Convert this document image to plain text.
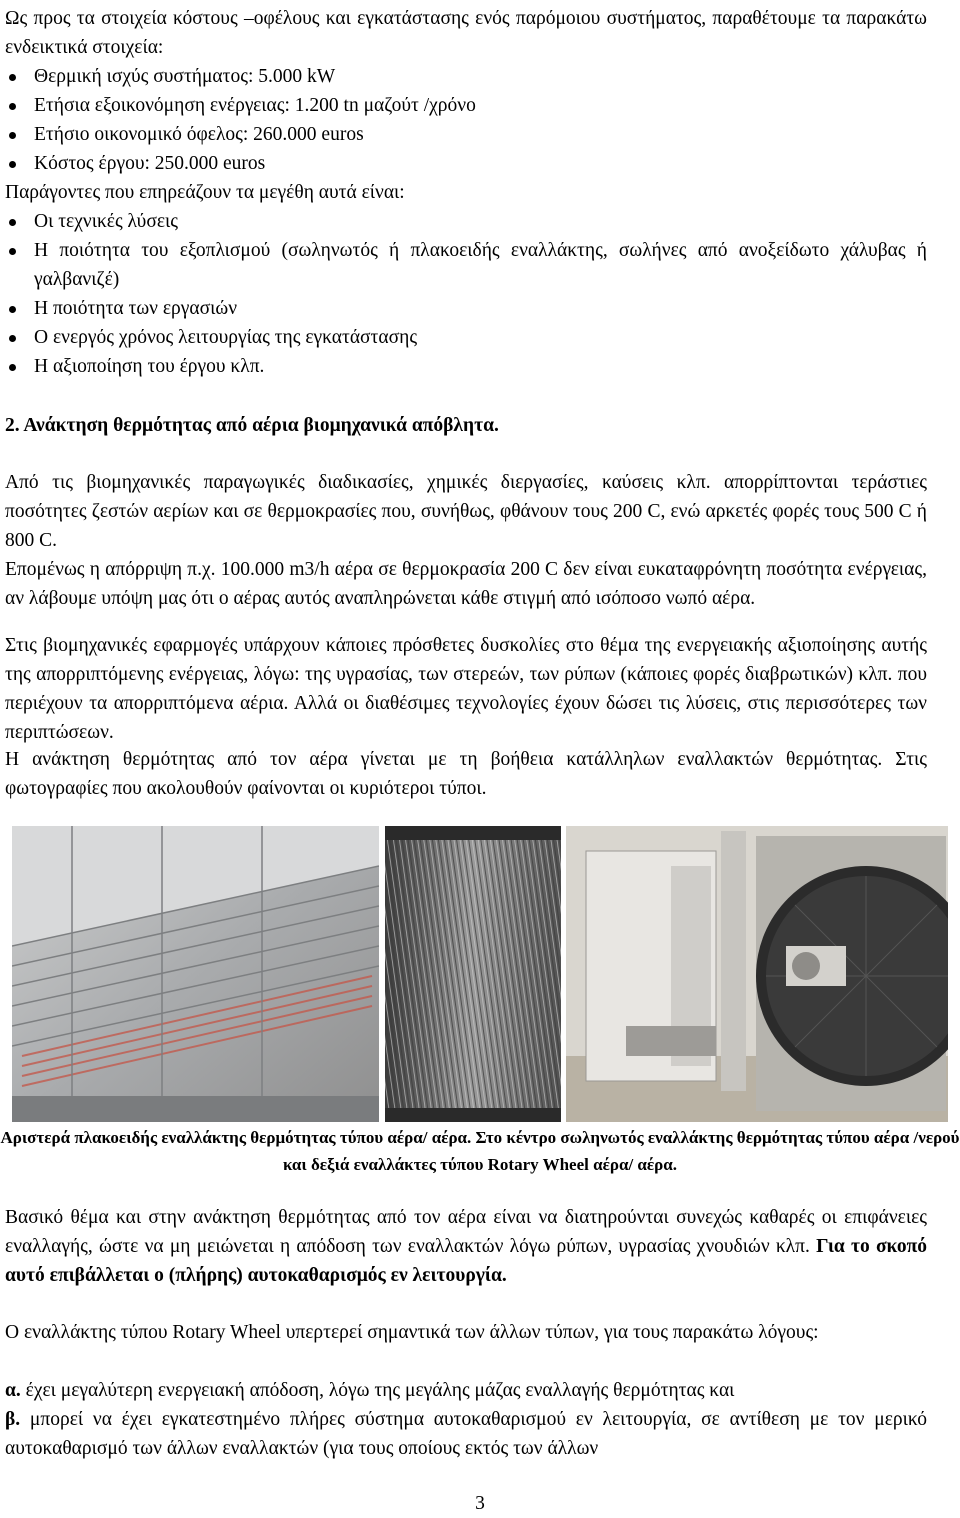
Ως προς τα στοιχεία κόστους –οφέλους και εγκατάστασης ενός παρόμοιου συστήματος, παραθέτουμε τα παρακάτω ενδεικτικά στοιχεία:

Θερμική ισχύς συστήματος: 5.000 kW
Ετήσια εξοικονόμηση ενέργειας: 1.200 tn μαζούτ /χρόνο
Ετήσιο οικονομικό όφελος: 260.000 euros
Κόστος έργου: 250.000 euros

Παράγοντες που επηρεάζουν τα μεγέθη αυτά είναι:

Οι τεχνικές λύσεις
Η ποιότητα του εξοπλισμού (σωληνωτός ή πλακοειδής εναλλάκτης, σωλήνες από ανοξείδωτο χάλυβας ή γαλβανιζέ)
Η ποιότητα των εργασιών
Ο ενεργός χρόνος λειτουργίας της εγκατάστασης
Η αξιοποίηση του έργου κλπ.

2. Ανάκτηση θερμότητας από αέρια βιομηχανικά απόβλητα.

Από τις βιομηχανικές παραγωγικές διαδικασίες, χημικές διεργασίες, καύσεις κλπ. απορρίπτονται τεράστιες ποσότητες ζεστών αερίων και σε θερμοκρασίες που, συνήθως, φθάνουν τους 200 C, ενώ αρκετές φορές τους 500 C ή 800 C.

Επομένως η απόρριψη π.χ. 100.000 m3/h αέρα σε θερμοκρασία 200 C δεν είναι ευκαταφρόνητη ποσότητα ενέργειας, αν λάβουμε υπόψη μας ότι ο αέρας αυτός αναπληρώνεται κάθε στιγμή από ισόποσο νωπό αέρα.

Στις βιομηχανικές εφαρμογές υπάρχουν κάποιες πρόσθετες δυσκολίες στο θέμα της ενεργειακής αξιοποίησης αυτής της απορριπτόμενης ενέργειας, λόγω: της υγρασίας, των στερεών, των ρύπων (κάποιες φορές διαβρωτικών) κλπ. που περιέχουν τα απορριπτόμενα αέρια. Αλλά οι διαθέσιμες τεχνολογίες έχουν δώσει τις λύσεις, στις περισσότερες των περιπτώσεων.

Η ανάκτηση θερμότητας από τον αέρα γίνεται με τη βοήθεια κατάλληλων εναλλακτών θερμότητας. Στις φωτογραφίες που ακολουθούν φαίνονται οι κυριότεροι τύποι.

Αριστερά πλακοειδής εναλλάκτης θερμότητας τύπου αέρα/ αέρα. Στο κέντρο σωληνωτός εναλλάκτης θερμότητας τύπου αέρα /νερού και δεξιά εναλλάκτες τύπου Rotary Wheel αέρα/ αέρα.

Βασικό θέμα και στην ανάκτηση θερμότητας από τον αέρα είναι να διατηρούνται συνεχώς καθαρές οι επιφάνειες εναλλαγής, ώστε να μη μειώνεται η απόδοση των εναλλακτών λόγω ρύπων, υγρασίας χνουδιών κλπ. Για το σκοπό αυτό επιβάλλεται ο (πλήρης) αυτοκαθαρισμός εν λειτουργία.

Ο εναλλάκτης τύπου Rotary Wheel υπερτερεί σημαντικά των άλλων τύπων, για τους παρακάτω λόγους:

α. έχει μεγαλύτερη ενεργειακή απόδοση, λόγω της μεγάλης μάζας εναλλαγής θερμότητας και

β. μπορεί να έχει εγκατεστημένο πλήρες σύστημα αυτοκαθαρισμού εν λειτουργία, σε αντίθεση με τον μερικό αυτοκαθαρισμό των άλλων εναλλακτών (για τους οποίους εκτός των άλλων

3
